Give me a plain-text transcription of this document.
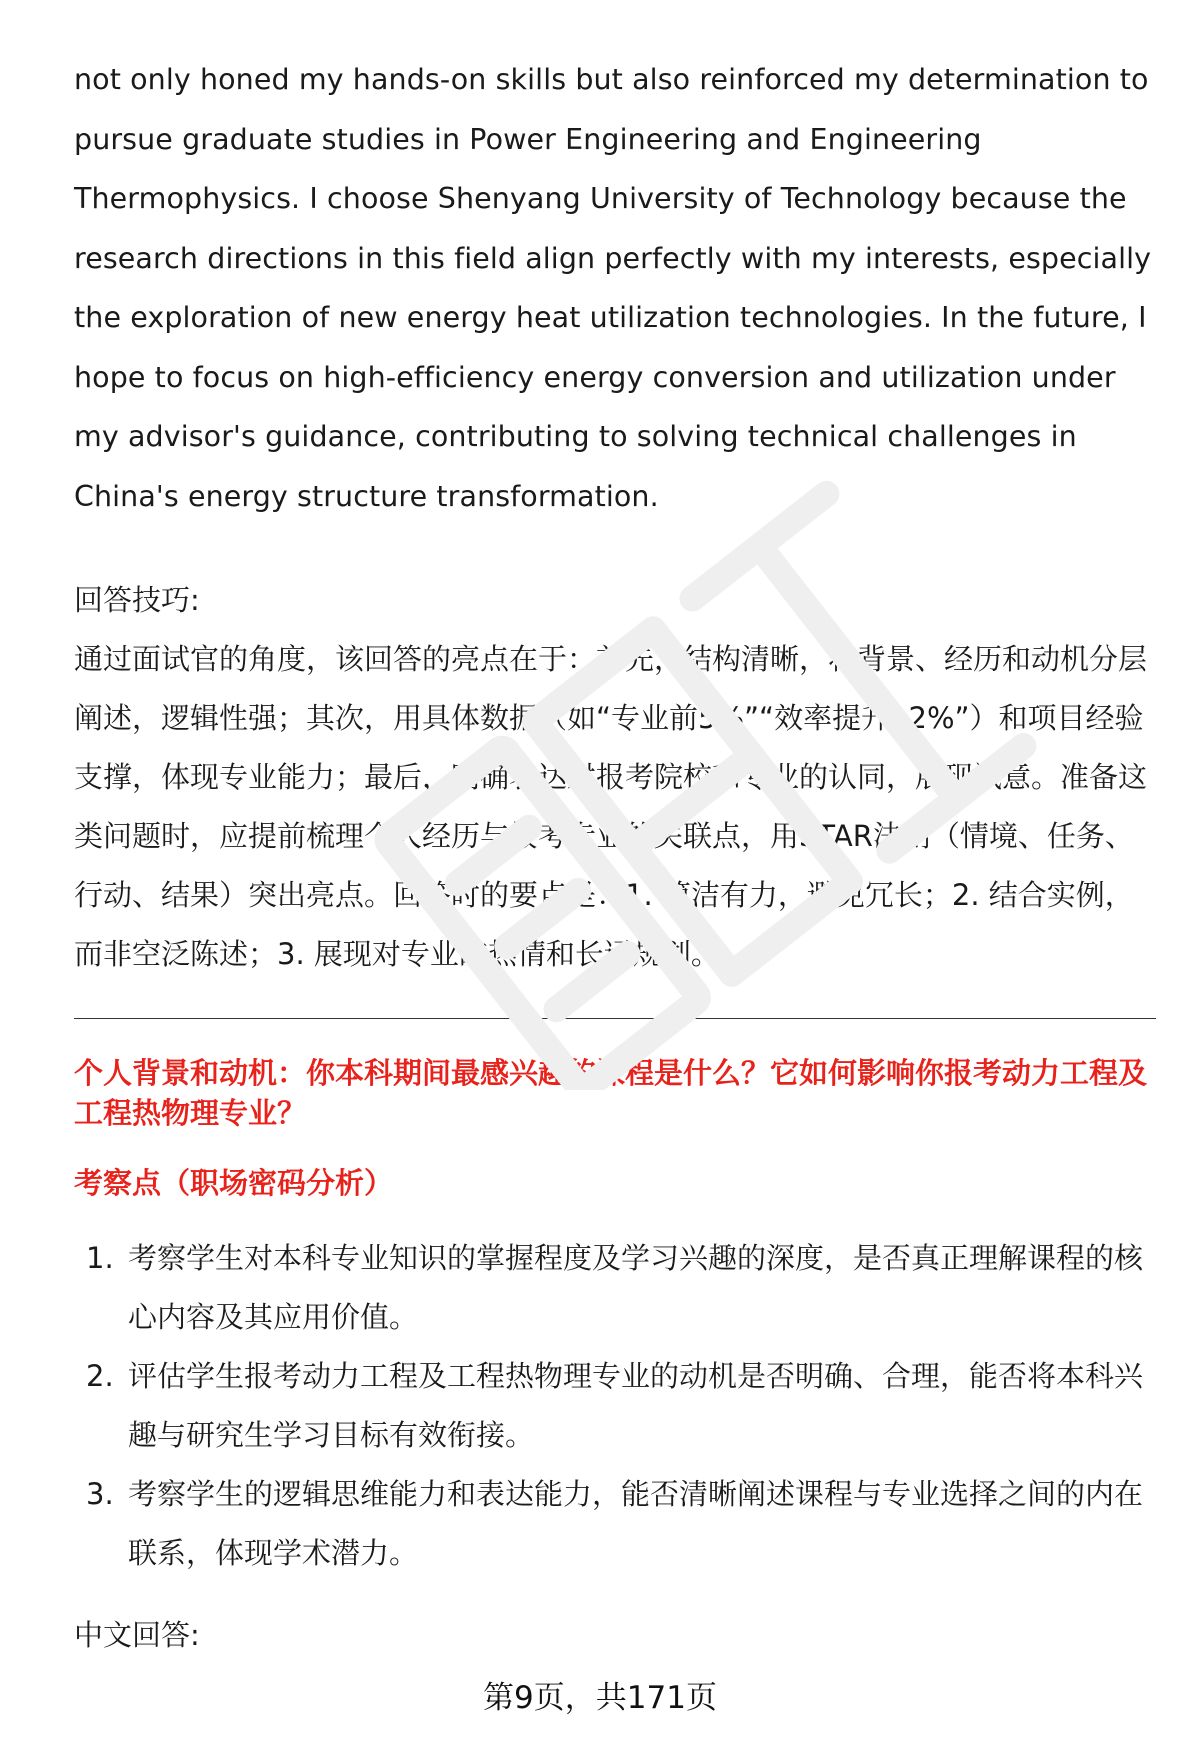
not only honed my hands-on skills but also reinforced my determination to pursue graduate studies in Power Engineering and Engineering Thermophysics. I choose Shenyang University of Technology because the research directions in this field align perfectly with my interests, especially the exploration of new energy heat utilization technologies. In the future, I hope to focus on high-efficiency energy conversion and utilization under my advisor's guidance, contributing to solving technical challenges in China's energy structure transformation.

回答技巧:

通过面试官的角度，该回答的亮点在于：首先，结构清晰，将背景、经历和动机分层阐述，逻辑性强；其次，用具体数据（如“专业前5%”“效率提升12%”）和项目经验支撑，体现专业能力；最后，明确表达对报考院校和专业的认同，展现诚意。准备这类问题时，应提前梳理个人经历与报考专业的关联点，用STAR法则（情境、任务、行动、结果）突出亮点。回答时的要点是：1. 简洁有力，避免冗长；2. 结合实例，而非空泛陈述；3. 展现对专业的热情和长远规划。

个人背景和动机：你本科期间最感兴趣的课程是什么？它如何影响你报考动力工程及工程热物理专业？
考察点（职场密码分析）
1. 考察学生对本科专业知识的掌握程度及学习兴趣的深度，是否真正理解课程的核心内容及其应用价值。
2. 评估学生报考动力工程及工程热物理专业的动机是否明确、合理，能否将本科兴趣与研究生学习目标有效衔接。
3. 考察学生的逻辑思维能力和表达能力，能否清晰阐述课程与专业选择之间的内在联系，体现学术潜力。
中文回答:
第9页，共171页
